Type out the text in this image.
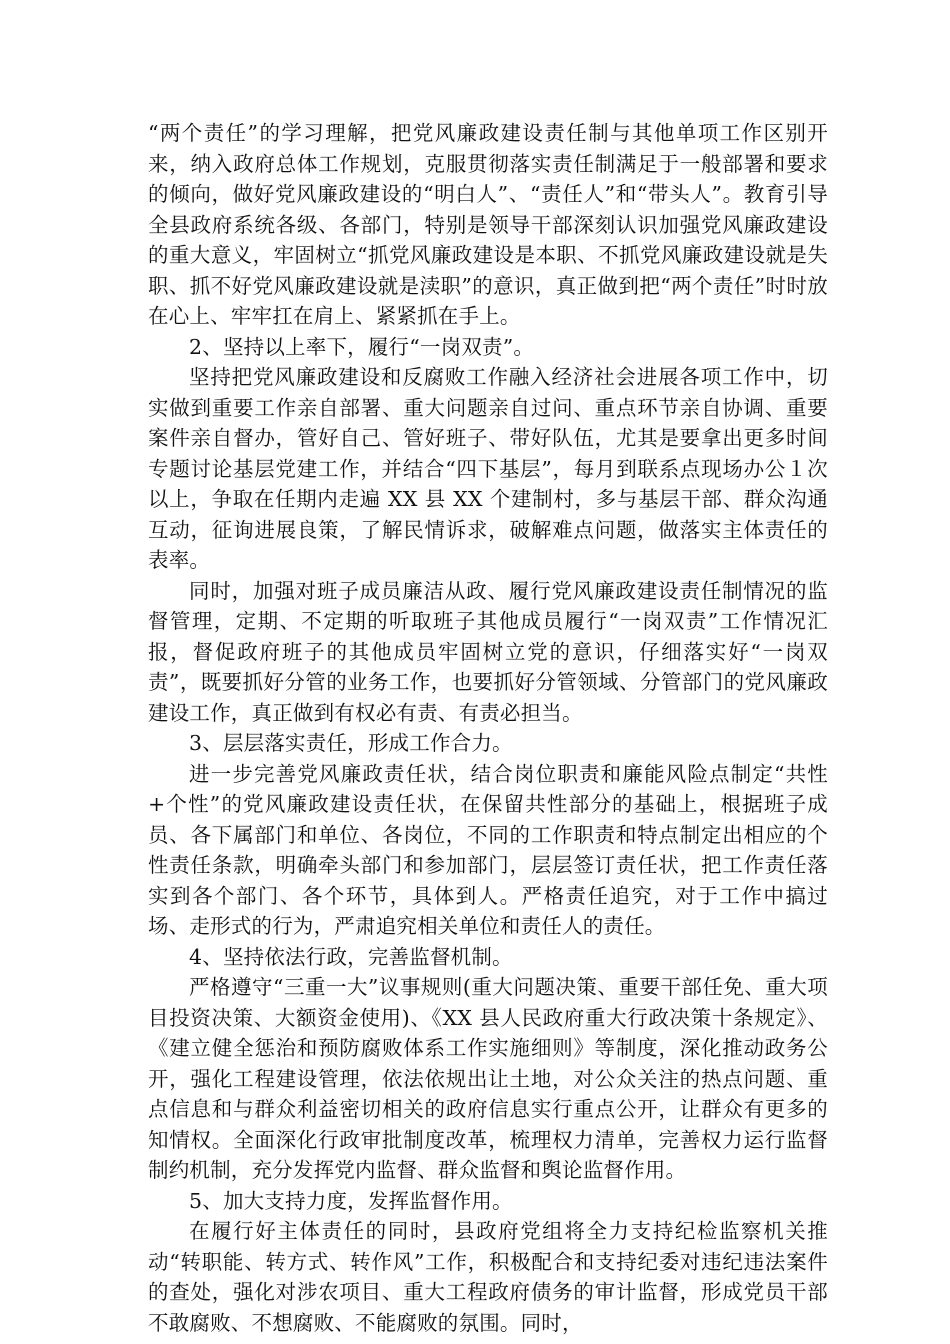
“两个责任”的学习理解，把党风廉政建设责任制与其他单项工作区别开来，纳入政府总体工作规划，克服贯彻落实责任制满足于一般部署和要求的倾向，做好党风廉政建设的“明白人”、“责任人”和“带头人”。教育引导全县政府系统各级、各部门，特别是领导干部深刻认识加强党风廉政建设的重大意义，牢固树立“抓党风廉政建设是本职、不抓党风廉政建设就是失职、抓不好党风廉政建设就是渎职”的意识，真正做到把“两个责任”时时放在心上、牢牢扛在肩上、紧紧抓在手上。

2、坚持以上率下，履行“一岗双责”。

坚持把党风廉政建设和反腐败工作融入经济社会进展各项工作中，切实做到重要工作亲自部署、重大问题亲自过问、重点环节亲自协调、重要案件亲自督办，管好自己、管好班子、带好队伍，尤其是要拿出更多时间专题讨论基层党建工作，并结合“四下基层”，每月到联系点现场办公１次以上，争取在任期内走遍 XX 县 XX 个建制村，多与基层干部、群众沟通互动，征询进展良策，了解民情诉求，破解难点问题，做落实主体责任的表率。

同时，加强对班子成员廉洁从政、履行党风廉政建设责任制情况的监督管理，定期、不定期的听取班子其他成员履行“一岗双责”工作情况汇报，督促政府班子的其他成员牢固树立党的意识，仔细落实好“一岗双责”，既要抓好分管的业务工作，也要抓好分管领域、分管部门的党风廉政建设工作，真正做到有权必有责、有责必担当。

3、层层落实责任，形成工作合力。

进一步完善党风廉政责任状，结合岗位职责和廉能风险点制定“共性+个性”的党风廉政建设责任状，在保留共性部分的基础上，根据班子成员、各下属部门和单位、各岗位，不同的工作职责和特点制定出相应的个性责任条款，明确牵头部门和参加部门，层层签订责任状，把工作责任落实到各个部门、各个环节，具体到人。严格责任追究，对于工作中搞过场、走形式的行为，严肃追究相关单位和责任人的责任。

4、坚持依法行政，完善监督机制。

严格遵守“三重一大”议事规则(重大问题决策、重要干部任免、重大项目投资决策、大额资金使用)、《XX 县人民政府重大行政决策十条规定》、《建立健全惩治和预防腐败体系工作实施细则》等制度，深化推动政务公开，强化工程建设管理，依法依规出让土地，对公众关注的热点问题、重点信息和与群众利益密切相关的政府信息实行重点公开，让群众有更多的知情权。全面深化行政审批制度改革，梳理权力清单，完善权力运行监督制约机制，充分发挥党内监督、群众监督和舆论监督作用。

5、加大支持力度，发挥监督作用。

在履行好主体责任的同时，县政府党组将全力支持纪检监察机关推动“转职能、转方式、转作风”工作，积极配合和支持纪委对违纪违法案件的查处，强化对涉农项目、重大工程政府债务的审计监督，形成党员干部不敢腐败、不想腐败、不能腐败的氛围。同时，
